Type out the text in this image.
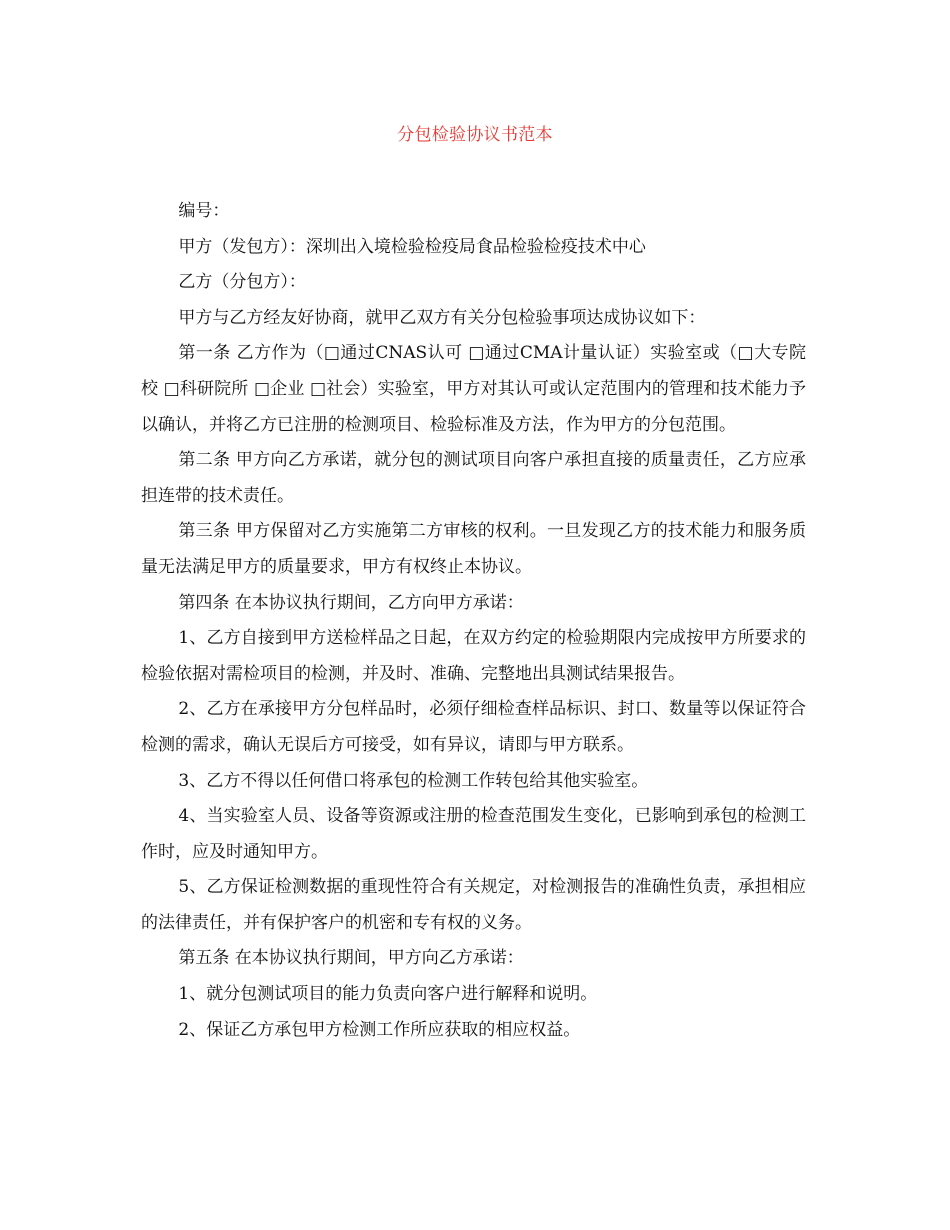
分包检验协议书范本

编号：

甲方（发包方）：深圳出入境检验检疫局食品检验检疫技术中心

乙方（分包方）：

甲方与乙方经友好协商，就甲乙双方有关分包检验事项达成协议如下：

第一条 乙方作为（□通过CNAS认可 □通过CMA计量认证）实验室或（□大专院校 □科研院所 □企业 □社会）实验室，甲方对其认可或认定范围内的管理和技术能力予以确认，并将乙方已注册的检测项目、检验标准及方法，作为甲方的分包范围。

第二条 甲方向乙方承诺，就分包的测试项目向客户承担直接的质量责任，乙方应承担连带的技术责任。

第三条 甲方保留对乙方实施第二方审核的权利。一旦发现乙方的技术能力和服务质量无法满足甲方的质量要求，甲方有权终止本协议。

第四条 在本协议执行期间，乙方向甲方承诺：

1、乙方自接到甲方送检样品之日起，在双方约定的检验期限内完成按甲方所要求的检验依据对需检项目的检测，并及时、准确、完整地出具测试结果报告。

2、乙方在承接甲方分包样品时，必须仔细检查样品标识、封口、数量等以保证符合检测的需求，确认无误后方可接受，如有异议，请即与甲方联系。

3、乙方不得以任何借口将承包的检测工作转包给其他实验室。

4、当实验室人员、设备等资源或注册的检查范围发生变化，已影响到承包的检测工作时，应及时通知甲方。

5、乙方保证检测数据的重现性符合有关规定，对检测报告的准确性负责，承担相应的法律责任，并有保护客户的机密和专有权的义务。

第五条 在本协议执行期间，甲方向乙方承诺：

1、就分包测试项目的能力负责向客户进行解释和说明。

2、保证乙方承包甲方检测工作所应获取的相应权益。
